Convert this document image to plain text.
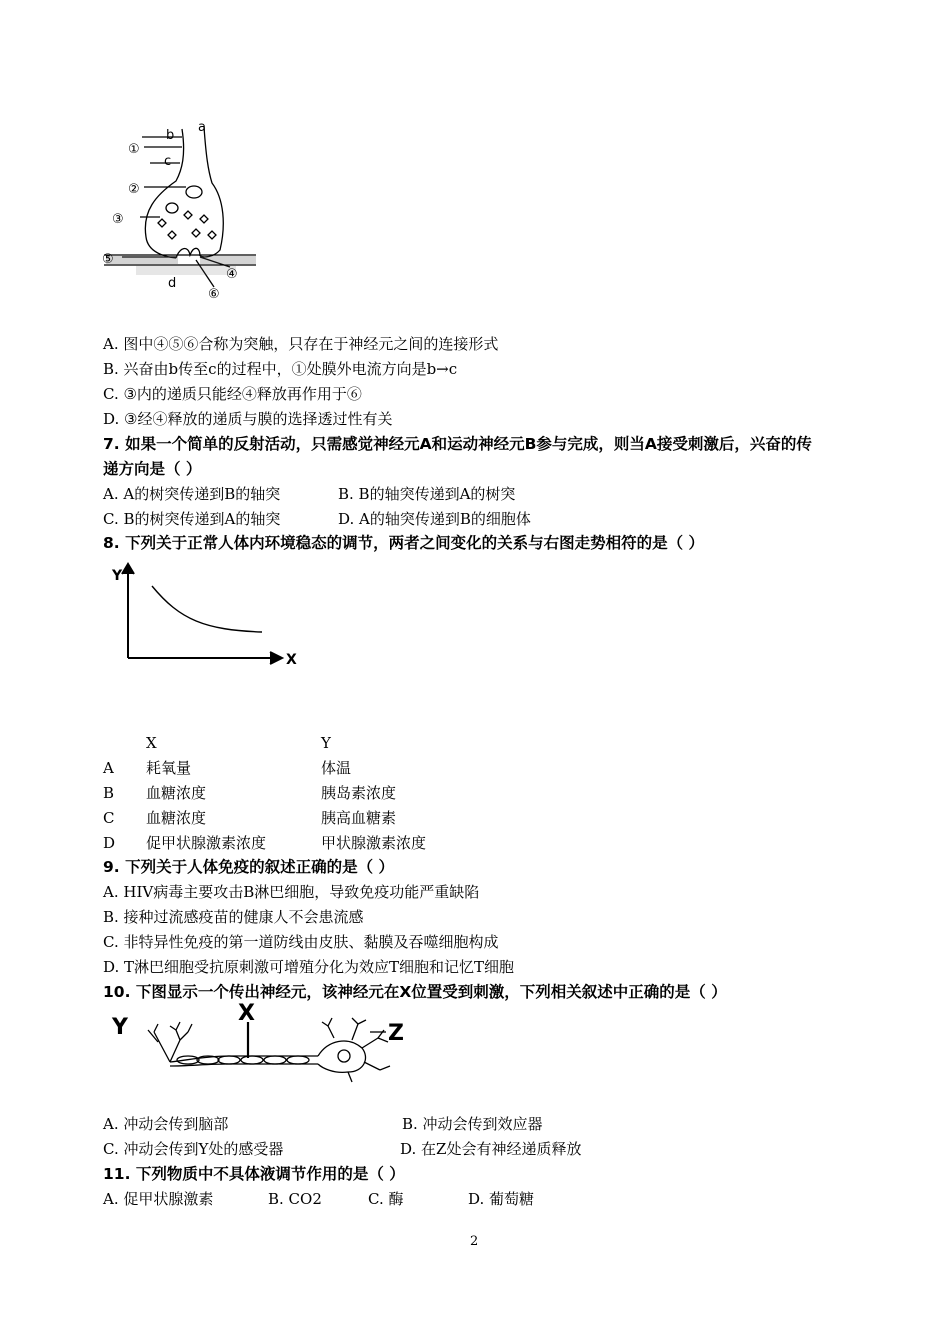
a
b
c
d
①
②
③
④
⑤
⑥
A. 图中④⑤⑥合称为突触，只存在于神经元之间的连接形式
B. 兴奋由b传至c的过程中，①处膜外电流方向是b→c
C. ③内的递质只能经④释放再作用于⑥
D. ③经④释放的递质与膜的选择透过性有关
7. 如果一个简单的反射活动，只需感觉神经元A和运动神经元B参与完成，则当A接受刺激后，兴奋的传
递方向是（ ）
A. A的树突传递到B的轴突	B. B的轴突传递到A的树突
C. B的树突传递到A的轴突	D. A的轴突传递到B的细胞体
8. 下列关于正常人体内环境稳态的调节，两者之间变化的关系与右图走势相符的是（ ）
Y
X
X	Y
A 耗氧量	体温
B 血糖浓度	胰岛素浓度
C 血糖浓度	胰高血糖素
D 促甲状腺激素浓度	甲状腺激素浓度
9. 下列关于人体免疫的叙述正确的是（ ）
A. HIV病毒主要攻击B淋巴细胞，导致免疫功能严重缺陷
B. 接种过流感疫苗的健康人不会患流感
C. 非特异性免疫的第一道防线由皮肤、黏膜及吞噬细胞构成
D. T淋巴细胞受抗原刺激可增殖分化为效应T细胞和记忆T细胞
10. 下图显示一个传出神经元，该神经元在X位置受到刺激，下列相关叙述中正确的是（ ）
Y
X
Z
A. 冲动会传到脑部	B. 冲动会传到效应器
C. 冲动会传到Y处的感受器	D. 在Z处会有神经递质释放
11. 下列物质中不具体液调节作用的是（ ）
A. 促甲状腺激素	B. CO2	C. 酶	D. 葡萄糖
2
